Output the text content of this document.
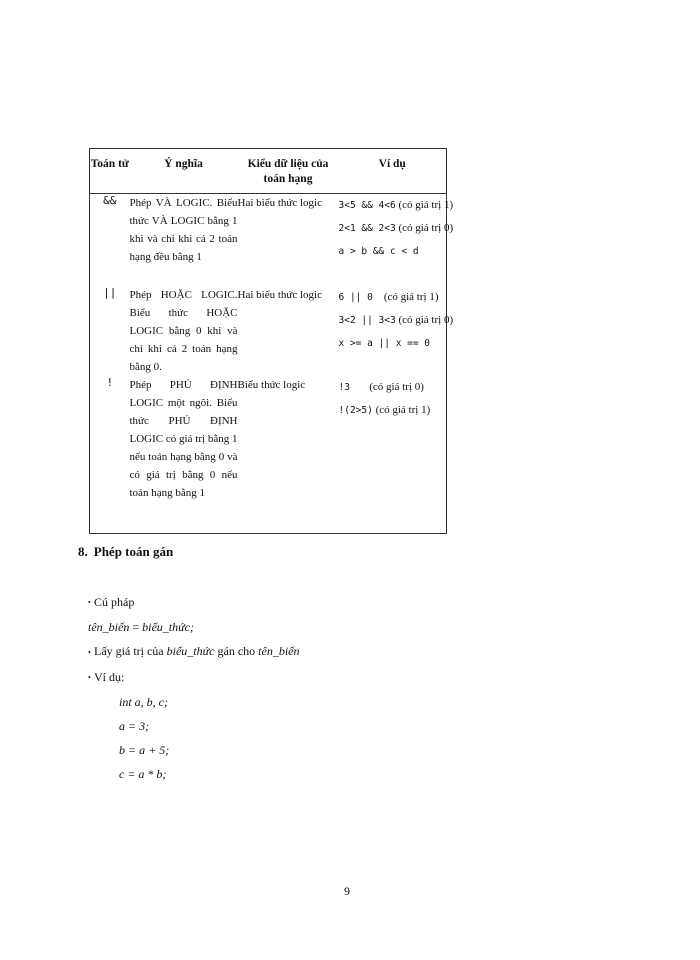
Toán tử	Ý nghĩa	Kiểu dữ liệu của toán hạng	Ví dụ
&&	Phép VÀ LOGIC. Biểu thức VÀ LOGIC bằng 1 khi và chỉ khi cả 2 toán hạng đều bằng 1	Hai biểu thức logic	3<5 && 4<6 (có giá trị 1)
2<1 && 2<3 (có giá trị 0)
a > b && c < d

||	Phép HOẶC LOGIC. Biểu thức HOẶC LOGIC bằng 0 khi và chỉ khi cả 2 toán hạng bằng 0.	Hai biểu thức logic	6 || 0 (có giá trị 1)
3<2 || 3<3 (có giá trị 0)
x >= a || x == 0

!	Phép PHỦ ĐỊNH LOGIC một ngôi. Biểu thức PHỦ ĐỊNH LOGIC có giá trị bằng 1 nếu toán hạng bằng 0 và có giá trị bằng 0 nếu toán hạng bằng 1	Biểu thức logic	!3 (có giá trị 0)
!(2>5) (có giá trị 1)
8. Phép toán gán
• Cú pháp
tên_biến = biểu_thức;
• Lấy giá trị của biểu_thức gán cho tên_biến
• Ví dụ:
int a, b, c;
a = 3;
b = a + 5;
c = a * b;
9
